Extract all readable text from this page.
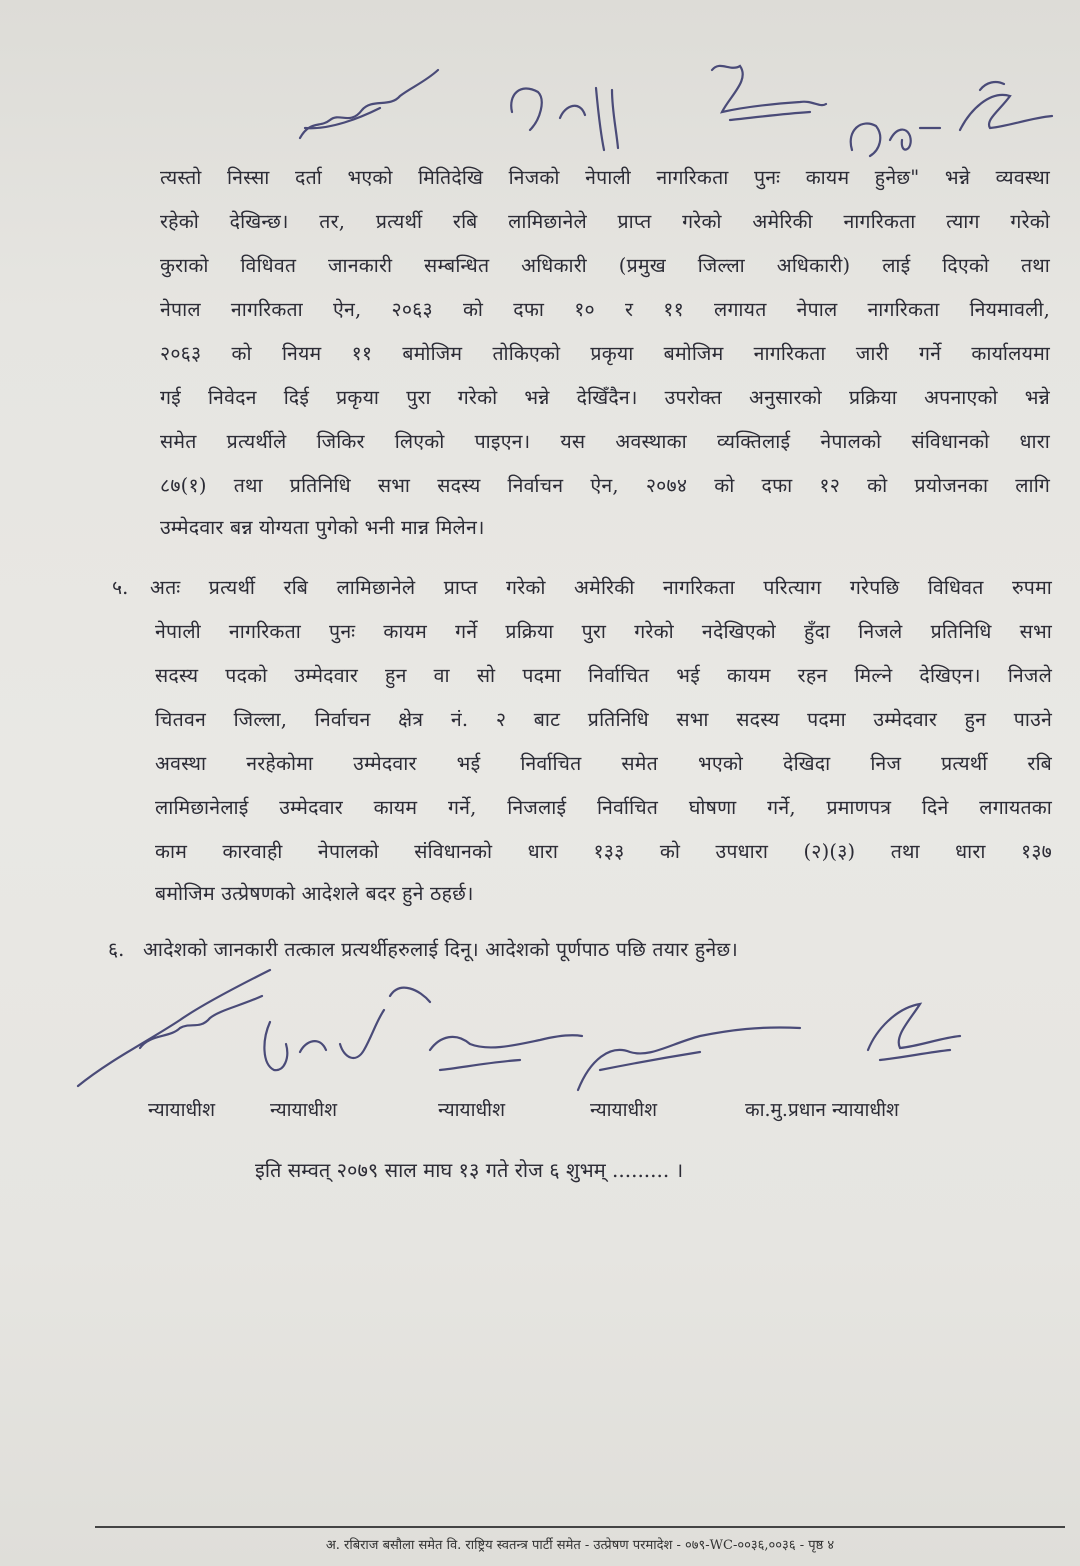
त्यस्तो निस्सा दर्ता भएको मितिदेखि निजको नेपाली नागरिकता पुनः कायम हुनेछ" भन्ने व्यवस्था
रहेको देखिन्छ। तर, प्रत्यर्थी रबि लामिछानेले प्राप्त गरेको अमेरिकी नागरिकता त्याग गरेको
कुराको विधिवत जानकारी सम्बन्धित अधिकारी (प्रमुख जिल्ला अधिकारी) लाई दिएको तथा
नेपाल नागरिकता ऐन, २०६३ को दफा १० र ११ लगायत नेपाल नागरिकता नियमावली,
२०६३ को नियम ११ बमोजिम तोकिएको प्रकृया बमोजिम नागरिकता जारी गर्ने कार्यालयमा
गई निवेदन दिई प्रकृया पुरा गरेको भन्ने देखिँदैन। उपरोक्त अनुसारको प्रक्रिया अपनाएको भन्ने
समेत प्रत्यर्थीले जिकिर लिएको पाइएन। यस अवस्थाका व्यक्तिलाई नेपालको संविधानको धारा
८७(१) तथा प्रतिनिधि सभा सदस्य निर्वाचन ऐन, २०७४ को दफा १२ को प्रयोजनका लागि
उम्मेदवार बन्न योग्यता पुगेको भनी मान्न मिलेन।
५. अतः प्रत्यर्थी रबि लामिछानेले प्राप्त गरेको अमेरिकी नागरिकता परित्याग गरेपछि विधिवत रुपमा
नेपाली नागरिकता पुनः कायम गर्ने प्रक्रिया पुरा गरेको नदेखिएको हुँदा निजले प्रतिनिधि सभा
सदस्य पदको उम्मेदवार हुन वा सो पदमा निर्वाचित भई कायम रहन मिल्ने देखिएन। निजले
चितवन जिल्ला, निर्वाचन क्षेत्र नं. २ बाट प्रतिनिधि सभा सदस्य पदमा उम्मेदवार हुन पाउने
अवस्था नरहेकोमा उम्मेदवार भई निर्वाचित समेत भएको देखिदा निज प्रत्यर्थी रबि
लामिछानेलाई उम्मेदवार कायम गर्ने, निजलाई निर्वाचित घोषणा गर्ने, प्रमाणपत्र दिने लगायतका
काम कारवाही नेपालको संविधानको धारा १३३ को उपधारा (२)(३) तथा धारा १३७
बमोजिम उत्प्रेषणको आदेशले बदर हुने ठहर्छ।
६. आदेशको जानकारी तत्काल प्रत्यर्थीहरुलाई दिनू। आदेशको पूर्णपाठ पछि तयार हुनेछ।
न्यायाधीश	न्यायाधीश	न्यायाधीश	न्यायाधीश	का.मु.प्रधान न्यायाधीश
इति सम्वत् २०७९ साल माघ १३ गते रोज ६ शुभम् ......... ।
अ. रबिराज बसौला समेत वि. राष्ट्रिय स्वतन्त्र पार्टी समेत - उत्प्रेषण परमादेश - ०७९-WC-००३६,००३६ - पृष्ठ ४
